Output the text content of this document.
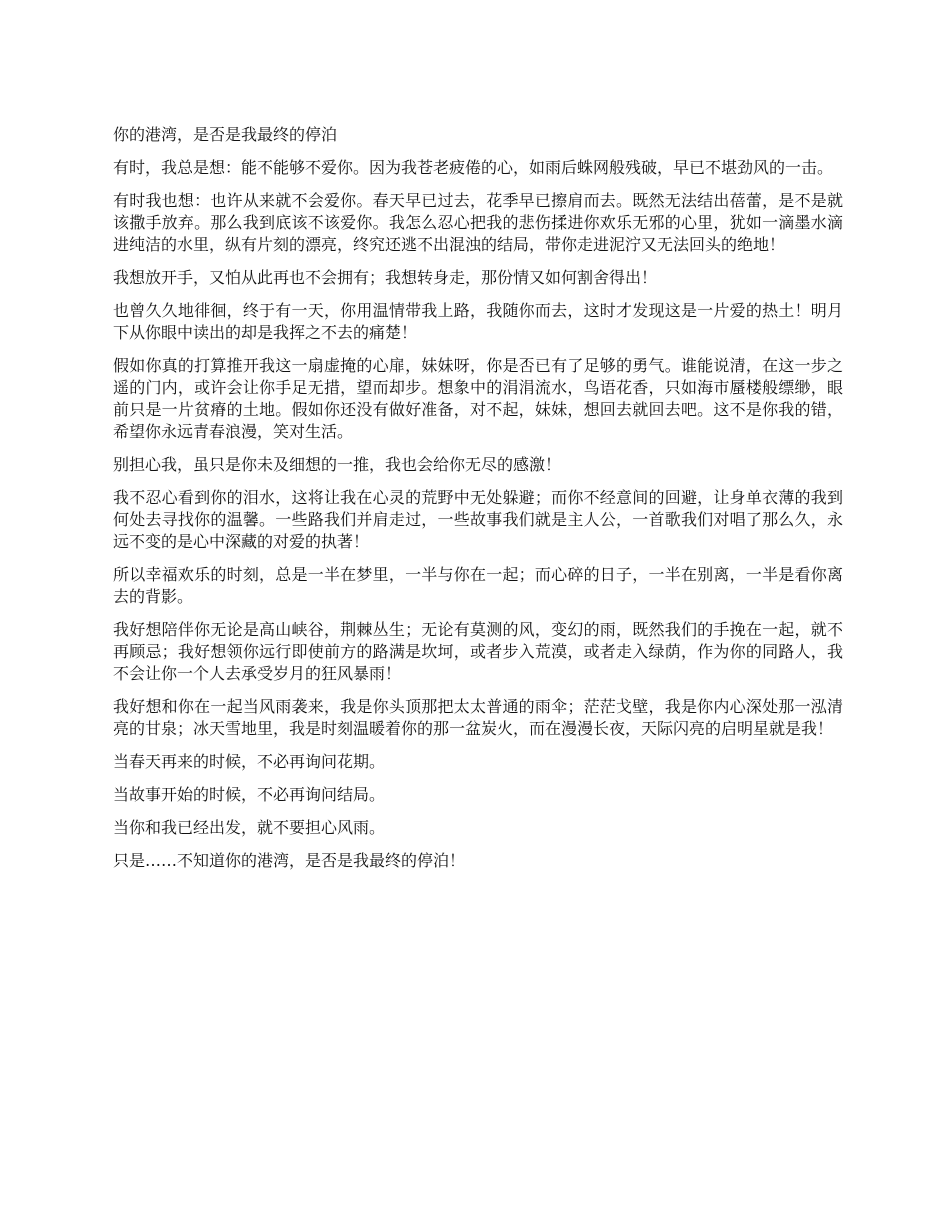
你的港湾，是否是我最终的停泊

有时，我总是想：能不能够不爱你。因为我苍老疲倦的心，如雨后蛛网般残破，早已不堪劲风的一击。

有时我也想：也许从来就不会爱你。春天早已过去，花季早已擦肩而去。既然无法结出蓓蕾，是不是就该撒手放弃。那么我到底该不该爱你。我怎么忍心把我的悲伤揉进你欢乐无邪的心里，犹如一滴墨水滴进纯洁的水里，纵有片刻的漂亮，终究还逃不出混浊的结局，带你走进泥泞又无法回头的绝地！

我想放开手，又怕从此再也不会拥有；我想转身走，那份情又如何割舍得出！

也曾久久地徘徊，终于有一天，你用温情带我上路，我随你而去，这时才发现这是一片爱的热土！明月下从你眼中读出的却是我挥之不去的痛楚！

假如你真的打算推开我这一扇虚掩的心扉，妹妹呀，你是否已有了足够的勇气。谁能说清，在这一步之遥的门内，或许会让你手足无措，望而却步。想象中的涓涓流水，鸟语花香，只如海市蜃楼般缥缈，眼前只是一片贫瘠的土地。假如你还没有做好准备，对不起，妹妹，想回去就回去吧。这不是你我的错，希望你永远青春浪漫，笑对生活。

别担心我，虽只是你未及细想的一推，我也会给你无尽的感激！

我不忍心看到你的泪水，这将让我在心灵的荒野中无处躲避；而你不经意间的回避，让身单衣薄的我到何处去寻找你的温馨。一些路我们并肩走过，一些故事我们就是主人公，一首歌我们对唱了那么久，永远不变的是心中深藏的对爱的执著！

所以幸福欢乐的时刻，总是一半在梦里，一半与你在一起；而心碎的日子，一半在别离，一半是看你离去的背影。

我好想陪伴你无论是高山峡谷，荆棘丛生；无论有莫测的风，变幻的雨，既然我们的手挽在一起，就不再顾忌；我好想领你远行即使前方的路满是坎坷，或者步入荒漠，或者走入绿荫，作为你的同路人，我不会让你一个人去承受岁月的狂风暴雨！

我好想和你在一起当风雨袭来，我是你头顶那把太太普通的雨伞；茫茫戈壁，我是你内心深处那一泓清亮的甘泉；冰天雪地里，我是时刻温暖着你的那一盆炭火，而在漫漫长夜，天际闪亮的启明星就是我！

当春天再来的时候，不必再询问花期。

当故事开始的时候，不必再询问结局。

当你和我已经出发，就不要担心风雨。

只是……不知道你的港湾，是否是我最终的停泊！
